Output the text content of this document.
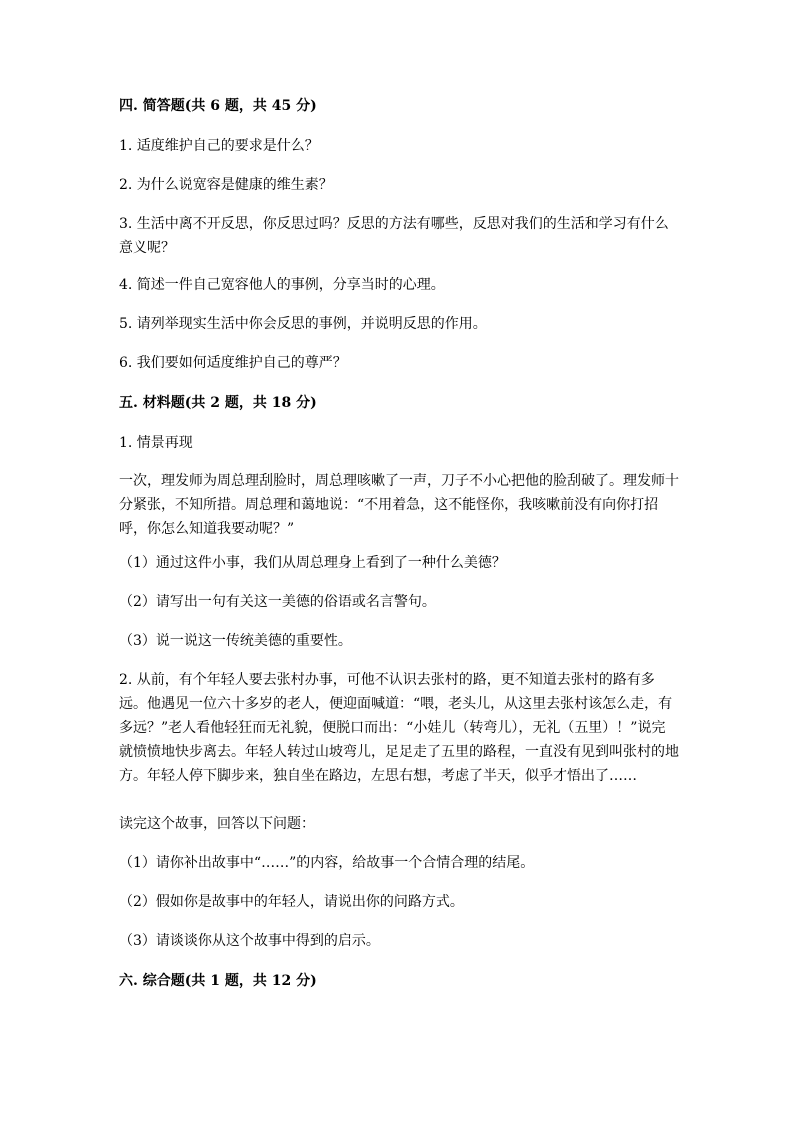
四. 简答题(共 6 题，共 45 分)

1. 适度维护自己的要求是什么？

2. 为什么说宽容是健康的维生素？

3. 生活中离不开反思，你反思过吗？反思的方法有哪些，反思对我们的生活和学习有什么意义呢？

4. 简述一件自己宽容他人的事例，分享当时的心理。

5. 请列举现实生活中你会反思的事例，并说明反思的作用。

6. 我们要如何适度维护自己的尊严？

五. 材料题(共 2 题，共 18 分)

1. 情景再现

一次，理发师为周总理刮脸时，周总理咳嗽了一声，刀子不小心把他的脸刮破了。理发师十分紧张，不知所措。周总理和蔼地说：“不用着急，这不能怪你，我咳嗽前没有向你打招呼，你怎么知道我要动呢？”

（1）通过这件小事，我们从周总理身上看到了一种什么美德？

（2）请写出一句有关这一美德的俗语或名言警句。

（3）说一说这一传统美德的重要性。

2. 从前，有个年轻人要去张村办事，可他不认识去张村的路，更不知道去张村的路有多远。他遇见一位六十多岁的老人，便迎面喊道：“喂，老头儿，从这里去张村该怎么走，有多远？”老人看他轻狂而无礼貌，便脱口而出：“小娃儿（转弯儿），无礼（五里）！”说完就愤愤地快步离去。年轻人转过山坡弯儿，足足走了五里的路程，一直没有见到叫张村的地方。年轻人停下脚步来，独自坐在路边，左思右想，考虑了半天，似乎才悟出了……

读完这个故事，回答以下问题：

（1）请你补出故事中“……”的内容，给故事一个合情合理的结尾。

（2）假如你是故事中的年轻人，请说出你的问路方式。

（3）请谈谈你从这个故事中得到的启示。

六. 综合题(共 1 题，共 12 分)
